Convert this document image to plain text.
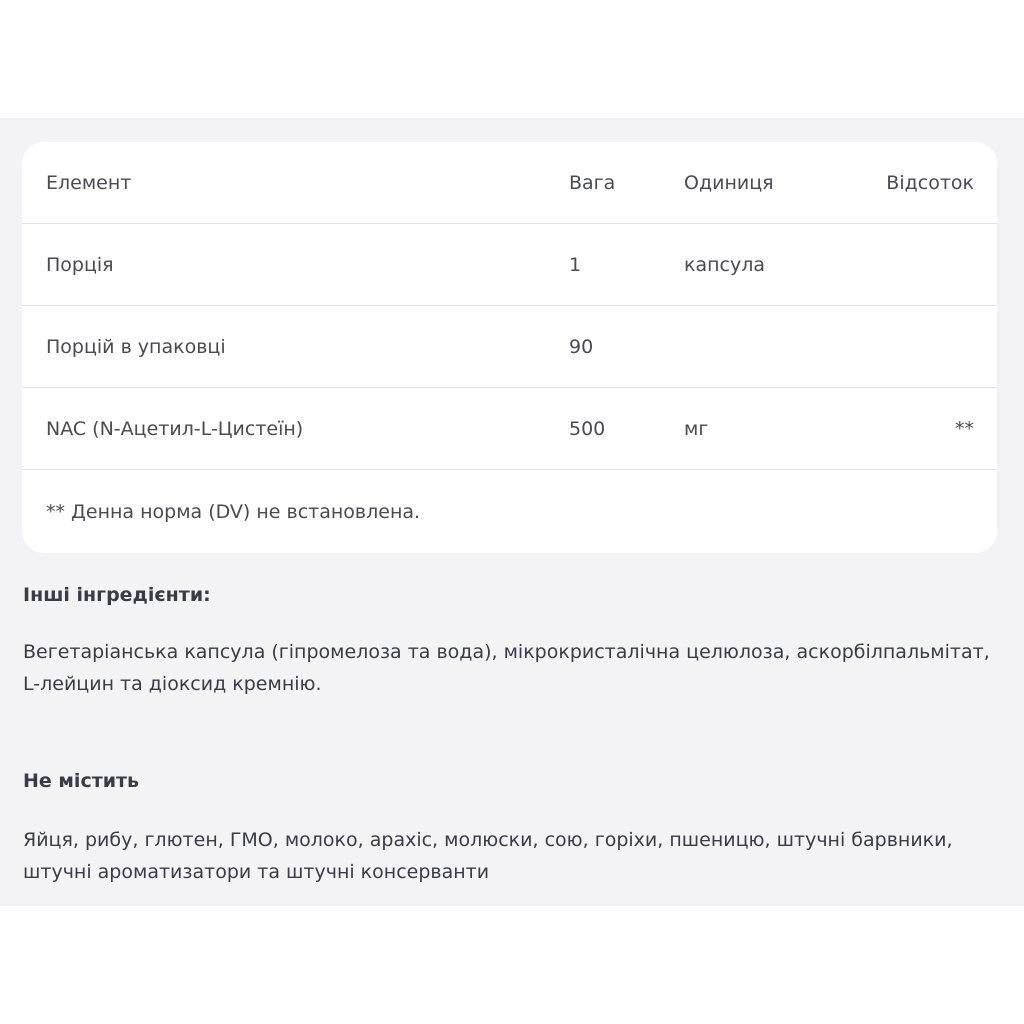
Елемент	Вага	Одиниця	Відсоток
Порція	1	капсула
Порцій в упаковці	90
NAC (N-Ацетил-L-Цистеїн)	500	мг	**
** Денна норма (DV) не встановлена.
Інші інгредієнти:

Вегетаріанська капсула (гіпромелоза та вода), мікрокристалічна целюлоза, аскорбілпальмітат, L-лейцин та діоксид кремнію.

Не містить

Яйця, рибу, глютен, ГМО, молоко, арахіс, молюски, сою, горіхи, пшеницю, штучні барвники, штучні ароматизатори та штучні консерванти
